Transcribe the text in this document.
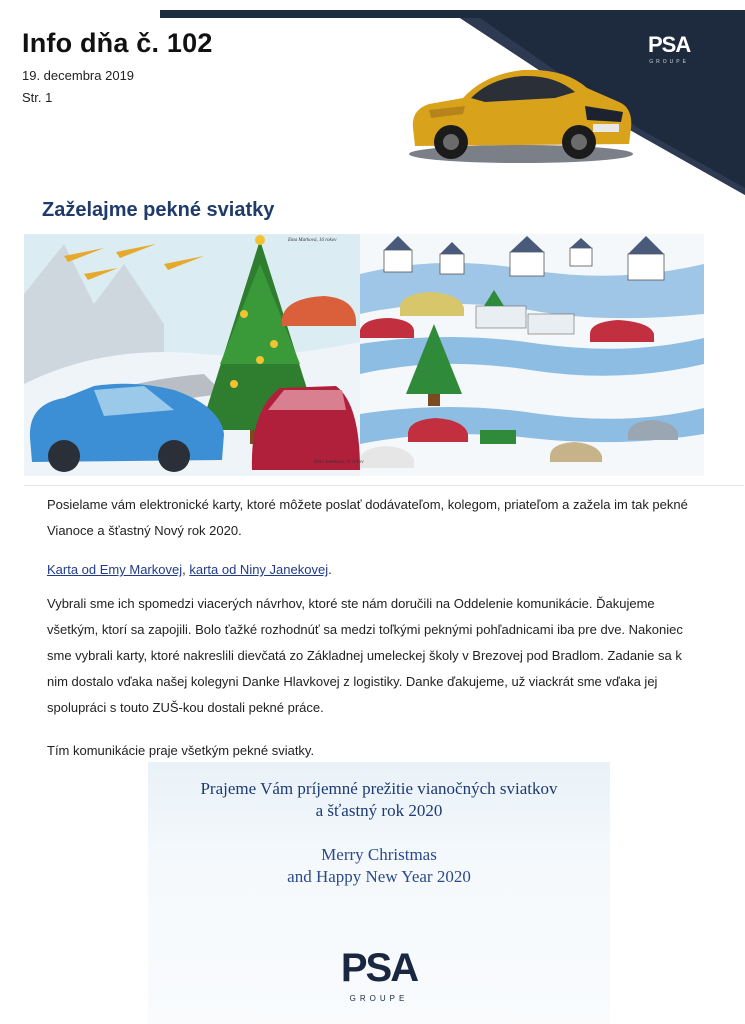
Info dňa č. 102
19. decembra 2019
Str. 1
PSA
GROUPE
Zaželajme pekné sviatky
Ema Marková, 16 rokov
Nina Janeková, 11 rokov

Posielame vám elektronické karty, ktoré môžete poslať dodávateľom, kolegom, priateľom a zažela im tak pekné Vianoce a šťastný Nový rok 2020.

Karta od Emy Markovej, karta od Niny Janekovej.

Vybrali sme ich spomedzi viacerých návrhov, ktoré ste nám doručili na Oddelenie komunikácie. Ďakujeme všetkým, ktorí sa zapojili. Bolo ťažké rozhodnúť sa medzi toľkými peknými pohľadnicami iba pre dve. Nakoniec sme vybrali karty, ktoré nakreslili dievčatá zo Základnej umeleckej školy v Brezovej pod Bradlom. Zadanie sa k nim dostalo vďaka našej kolegyni Danke Hlavkovej z logistiky. Danke ďakujeme, už viackrát sme vďaka jej spolupráci s touto ZUŠ-kou dostali pekné práce.

Tím komunikácie praje všetkým pekné sviatky.

Prajeme Vám príjemné prežitie vianočných sviatkov
a šťastný rok 2020

Merry Christmas
and Happy New Year 2020

PSA
GROUPE
